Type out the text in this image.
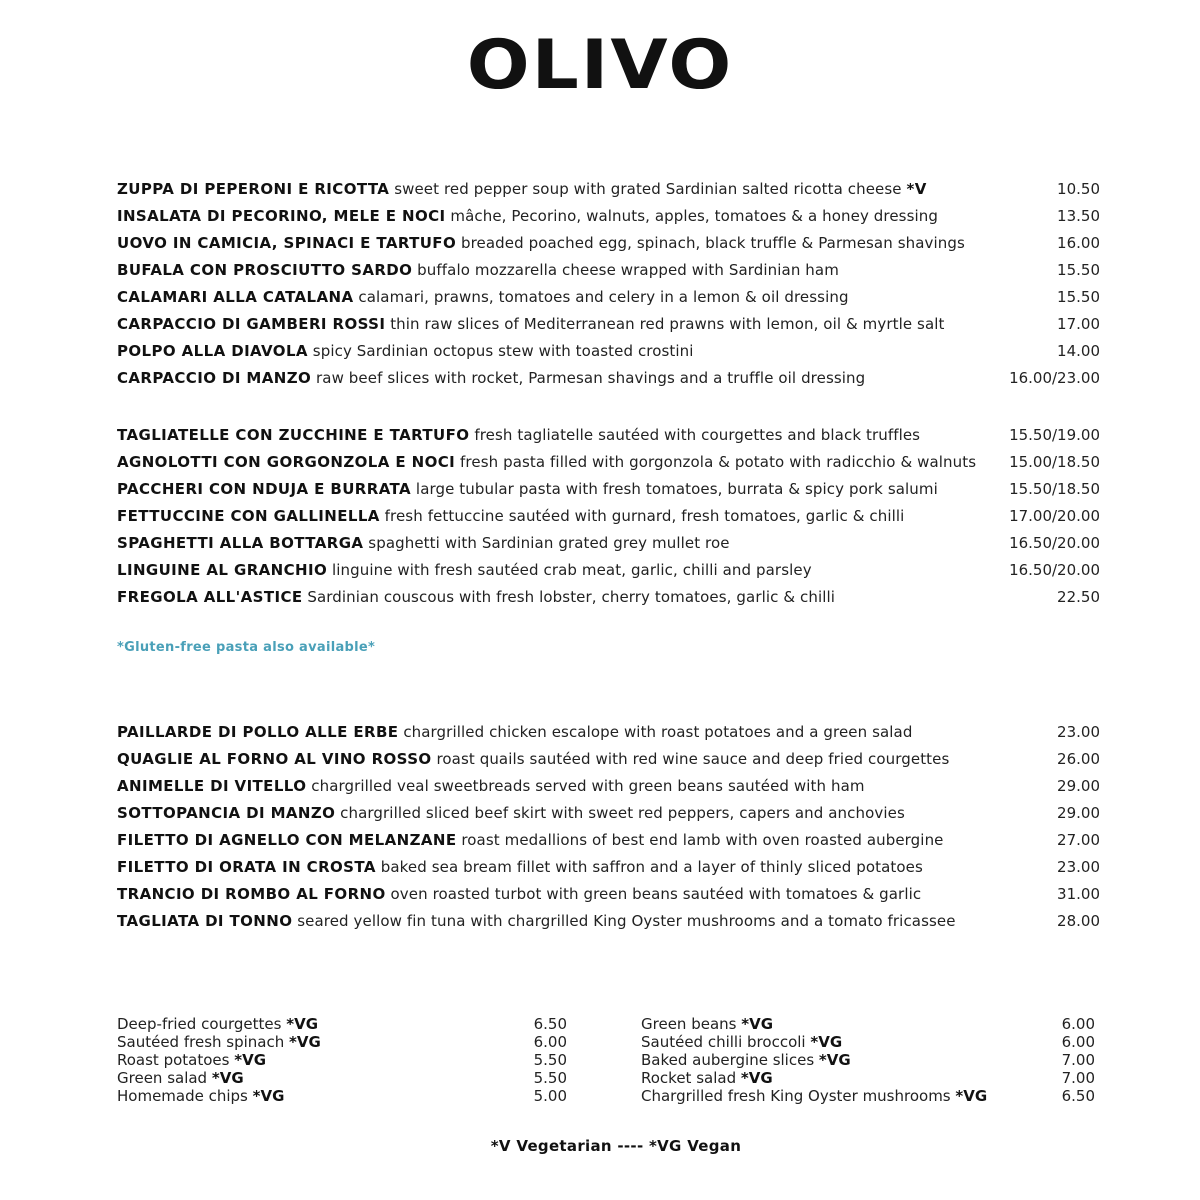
OLIVO
ZUPPA DI PEPERONI E RICOTTA sweet red pepper soup with grated Sardinian salted ricotta cheese *V	10.50
INSALATA DI PECORINO, MELE E NOCI mâche, Pecorino, walnuts, apples, tomatoes & a honey dressing	13.50
UOVO IN CAMICIA, SPINACI E TARTUFO breaded poached egg, spinach, black truffle & Parmesan shavings	16.00
BUFALA CON PROSCIUTTO SARDO buffalo mozzarella cheese wrapped with Sardinian ham	15.50
CALAMARI ALLA CATALANA calamari, prawns, tomatoes and celery in a lemon & oil dressing	15.50
CARPACCIO DI GAMBERI ROSSI thin raw slices of Mediterranean red prawns with lemon, oil & myrtle salt	17.00
POLPO ALLA DIAVOLA spicy Sardinian octopus stew with toasted crostini	14.00
CARPACCIO DI MANZO raw beef slices with rocket, Parmesan shavings and a truffle oil dressing	16.00/23.00
TAGLIATELLE CON ZUCCHINE E TARTUFO fresh tagliatelle sautéed with courgettes and black truffles	15.50/19.00
AGNOLOTTI CON GORGONZOLA E NOCI fresh pasta filled with gorgonzola & potato with radicchio & walnuts	15.00/18.50
PACCHERI CON NDUJA E BURRATA large tubular pasta with fresh tomatoes, burrata & spicy pork salumi	15.50/18.50
FETTUCCINE CON GALLINELLA fresh fettuccine sautéed with gurnard, fresh tomatoes, garlic & chilli	17.00/20.00
SPAGHETTI ALLA BOTTARGA spaghetti with Sardinian grated grey mullet roe	16.50/20.00
LINGUINE AL GRANCHIO linguine with fresh sautéed crab meat, garlic, chilli and parsley	16.50/20.00
FREGOLA ALL'ASTICE Sardinian couscous with fresh lobster, cherry tomatoes, garlic & chilli	22.50
*Gluten-free pasta also available*
PAILLARDE DI POLLO ALLE ERBE chargrilled chicken escalope with roast potatoes and a green salad	23.00
QUAGLIE AL FORNO AL VINO ROSSO roast quails sautéed with red wine sauce and deep fried courgettes	26.00
ANIMELLE DI VITELLO chargrilled veal sweetbreads served with green beans sautéed with ham	29.00
SOTTOPANCIA DI MANZO chargrilled sliced beef skirt with sweet red peppers, capers and anchovies	29.00
FILETTO DI AGNELLO CON MELANZANE roast medallions of best end lamb with oven roasted aubergine	27.00
FILETTO DI ORATA IN CROSTA baked sea bream fillet with saffron and a layer of thinly sliced potatoes	23.00
TRANCIO DI ROMBO AL FORNO oven roasted turbot with green beans sautéed with tomatoes & garlic	31.00
TAGLIATA DI TONNO seared yellow fin tuna with chargrilled King Oyster mushrooms and a tomato fricassee	28.00
Deep-fried courgettes *VG	6.50
Sautéed fresh spinach *VG	6.00
Roast potatoes *VG	5.50
Green salad *VG	5.50
Homemade chips *VG	5.00
Green beans *VG	6.00
Sautéed chilli broccoli *VG	6.00
Baked aubergine slices *VG	7.00
Rocket salad *VG	7.00
Chargrilled fresh King Oyster mushrooms *VG	6.50
*V Vegetarian ---- *VG Vegan
